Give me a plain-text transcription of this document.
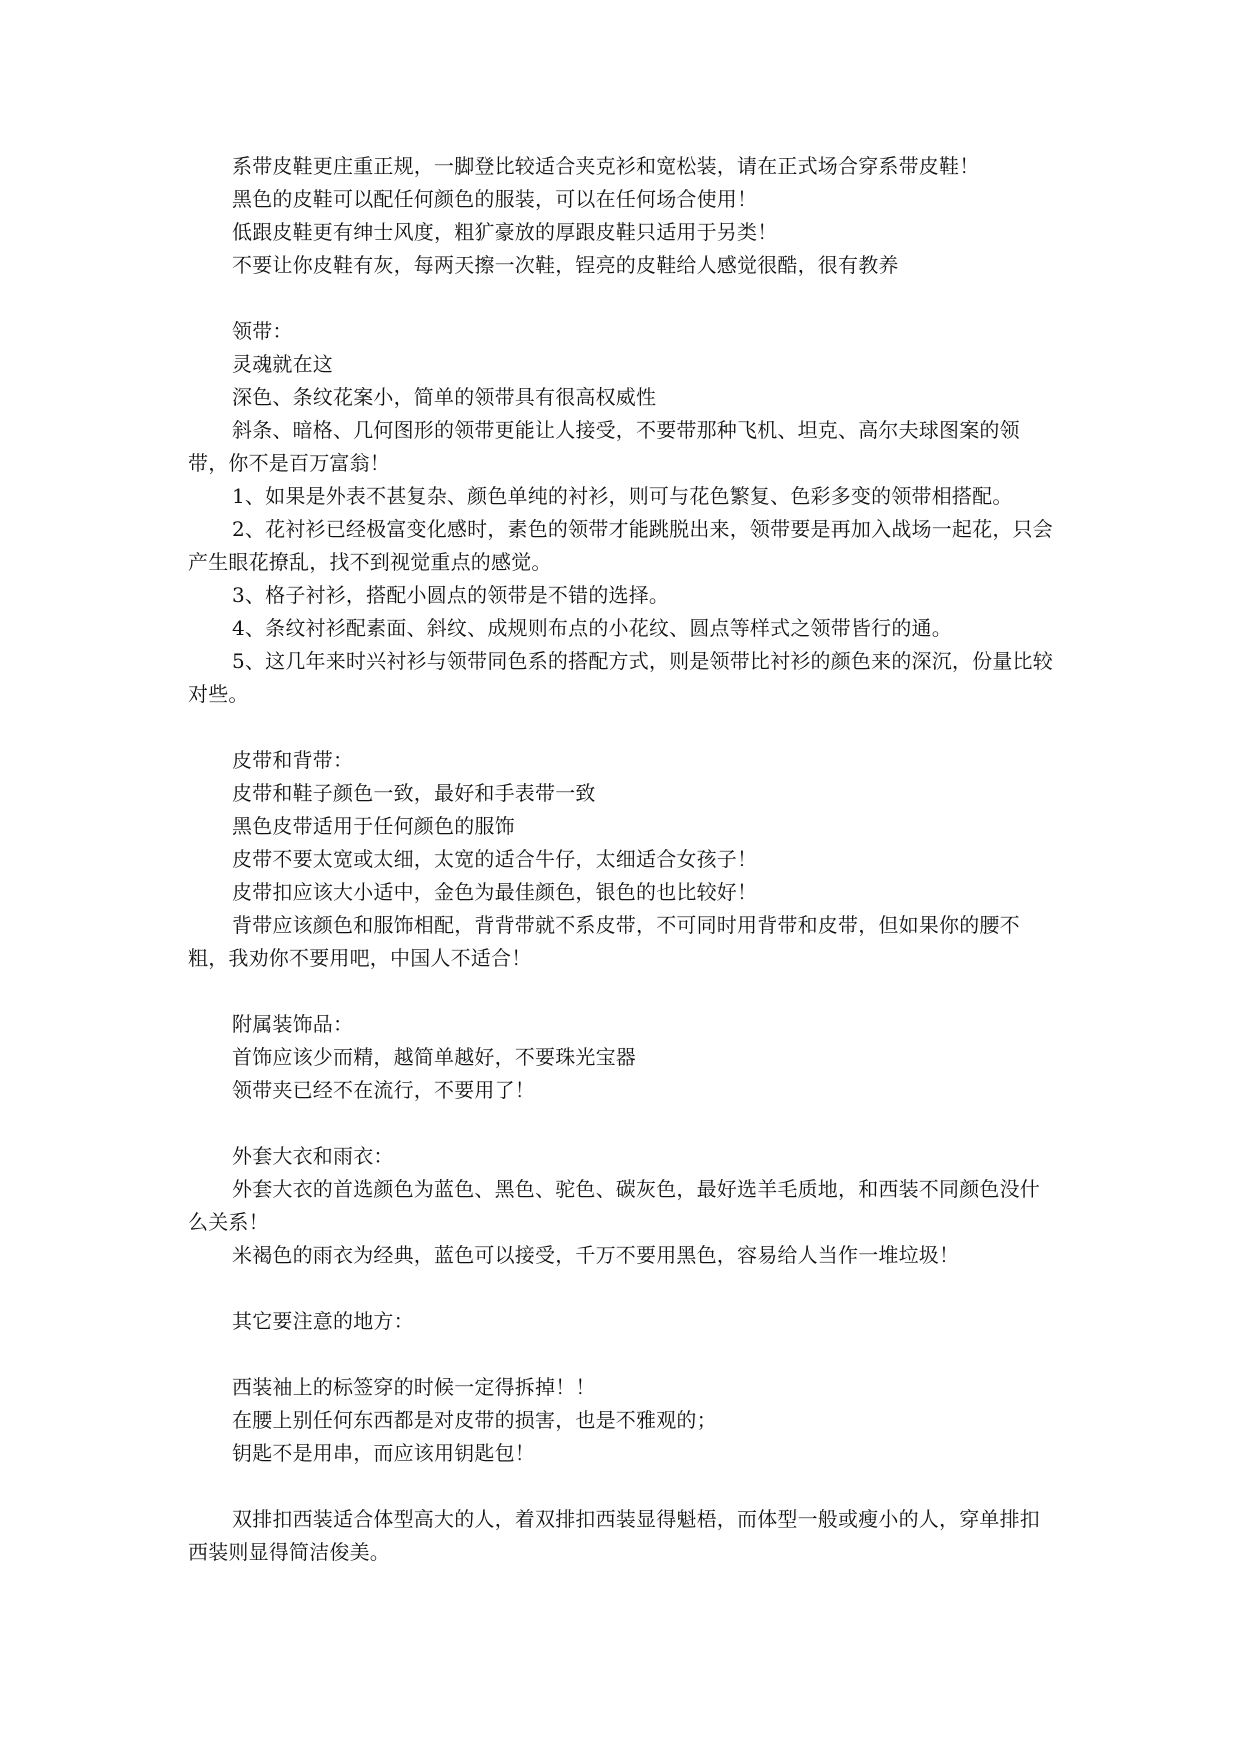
系带皮鞋更庄重正规，一脚登比较适合夹克衫和宽松装，请在正式场合穿系带皮鞋！

黑色的皮鞋可以配任何颜色的服装，可以在任何场合使用！

低跟皮鞋更有绅士风度，粗犷豪放的厚跟皮鞋只适用于另类！

不要让你皮鞋有灰，每两天擦一次鞋，锃亮的皮鞋给人感觉很酷，很有教养

领带：

灵魂就在这

深色、条纹花案小，简单的领带具有很高权威性

斜条、暗格、几何图形的领带更能让人接受，不要带那种飞机、坦克、高尔夫球图案的领带，你不是百万富翁！

1、如果是外表不甚复杂、颜色单纯的衬衫，则可与花色繁复、色彩多变的领带相搭配。

2、花衬衫已经极富变化感时，素色的领带才能跳脱出来，领带要是再加入战场一起花，只会产生眼花撩乱，找不到视觉重点的感觉。

3、格子衬衫，搭配小圆点的领带是不错的选择。

4、条纹衬衫配素面、斜纹、成规则布点的小花纹、圆点等样式之领带皆行的通。

5、这几年来时兴衬衫与领带同色系的搭配方式，则是领带比衬衫的颜色来的深沉，份量比较对些。

皮带和背带：

皮带和鞋子颜色一致，最好和手表带一致

黑色皮带适用于任何颜色的服饰

皮带不要太宽或太细，太宽的适合牛仔，太细适合女孩子！

皮带扣应该大小适中，金色为最佳颜色，银色的也比较好！

背带应该颜色和服饰相配，背背带就不系皮带，不可同时用背带和皮带，但如果你的腰不粗，我劝你不要用吧，中国人不适合！

附属装饰品：

首饰应该少而精，越简单越好，不要珠光宝器

领带夹已经不在流行，不要用了！

外套大衣和雨衣：

外套大衣的首选颜色为蓝色、黑色、驼色、碳灰色，最好选羊毛质地，和西装不同颜色没什么关系！

米褐色的雨衣为经典，蓝色可以接受，千万不要用黑色，容易给人当作一堆垃圾！

其它要注意的地方：

西装袖上的标签穿的时候一定得拆掉！！

在腰上别任何东西都是对皮带的损害，也是不雅观的；

钥匙不是用串，而应该用钥匙包！

双排扣西装适合体型高大的人，着双排扣西装显得魁梧，而体型一般或瘦小的人，穿单排扣西装则显得简洁俊美。
